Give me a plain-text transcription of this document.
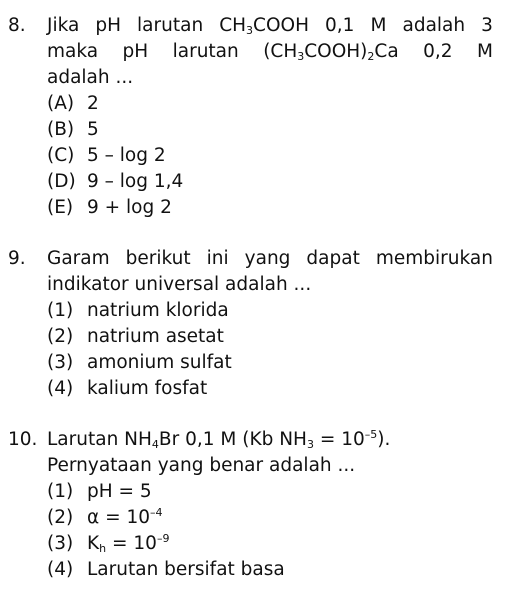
8. Jika pH larutan $CH_3COOH$ 0,1 M adalah 3
maka pH larutan $(CH_3COOH)_2Ca$ 0,2 M
adalah ...
(A) 2
(B) 5
(C) 5 – log 2
(D) 9 – log 1,4
(E) 9 + log 2
9. Garam berikut ini yang dapat membirukan
indikator universal adalah ...
(1) natrium klorida
(2) natrium asetat
(3) amonium sulfat
(4) kalium fosfat
10. Larutan $NH_4Br$ 0,1 M (Kb $NH_3 = 10^{-5}$).
Pernyataan yang benar adalah ...
(1) pH = 5
(2) $\alpha = 10^{-4}$
(3) $K_h = 10^{-9}$
(4) Larutan bersifat basa
